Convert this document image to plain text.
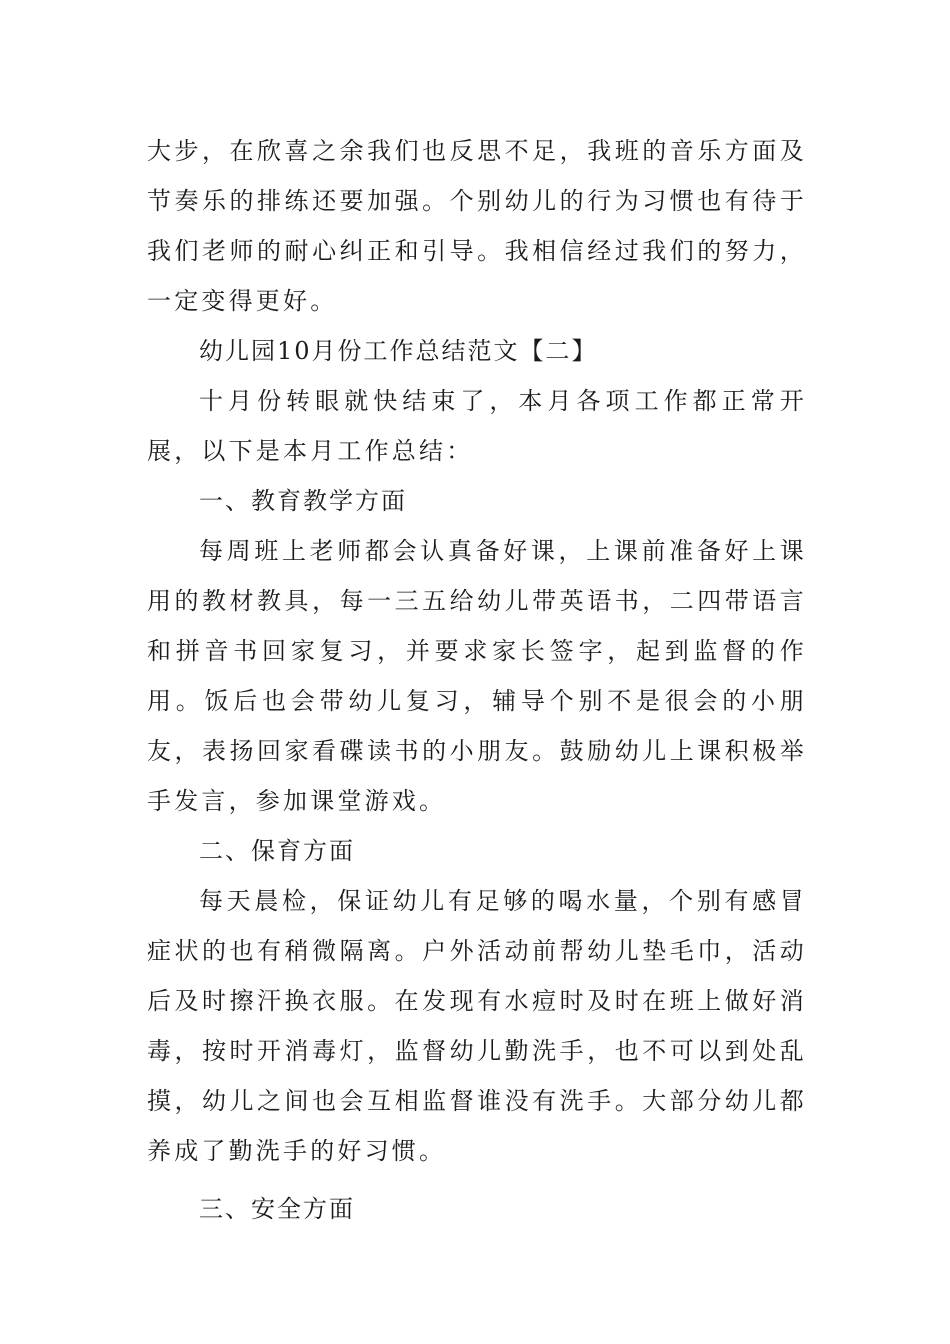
大步，在欣喜之余我们也反思不足，我班的音乐方面及节奏乐的排练还要加强。个别幼儿的行为习惯也有待于我们老师的耐心纠正和引导。我相信经过我们的努力，一定变得更好。

幼儿园10月份工作总结范文【二】

十月份转眼就快结束了，本月各项工作都正常开展，以下是本月工作总结：

一、教育教学方面

每周班上老师都会认真备好课，上课前准备好上课用的教材教具，每一三五给幼儿带英语书，二四带语言和拼音书回家复习，并要求家长签字，起到监督的作用。饭后也会带幼儿复习，辅导个别不是很会的小朋友，表扬回家看碟读书的小朋友。鼓励幼儿上课积极举手发言，参加课堂游戏。

二、保育方面

每天晨检，保证幼儿有足够的喝水量，个别有感冒症状的也有稍微隔离。户外活动前帮幼儿垫毛巾，活动后及时擦汗换衣服。在发现有水痘时及时在班上做好消毒，按时开消毒灯，监督幼儿勤洗手，也不可以到处乱摸，幼儿之间也会互相监督谁没有洗手。大部分幼儿都养成了勤洗手的好习惯。

三、安全方面
